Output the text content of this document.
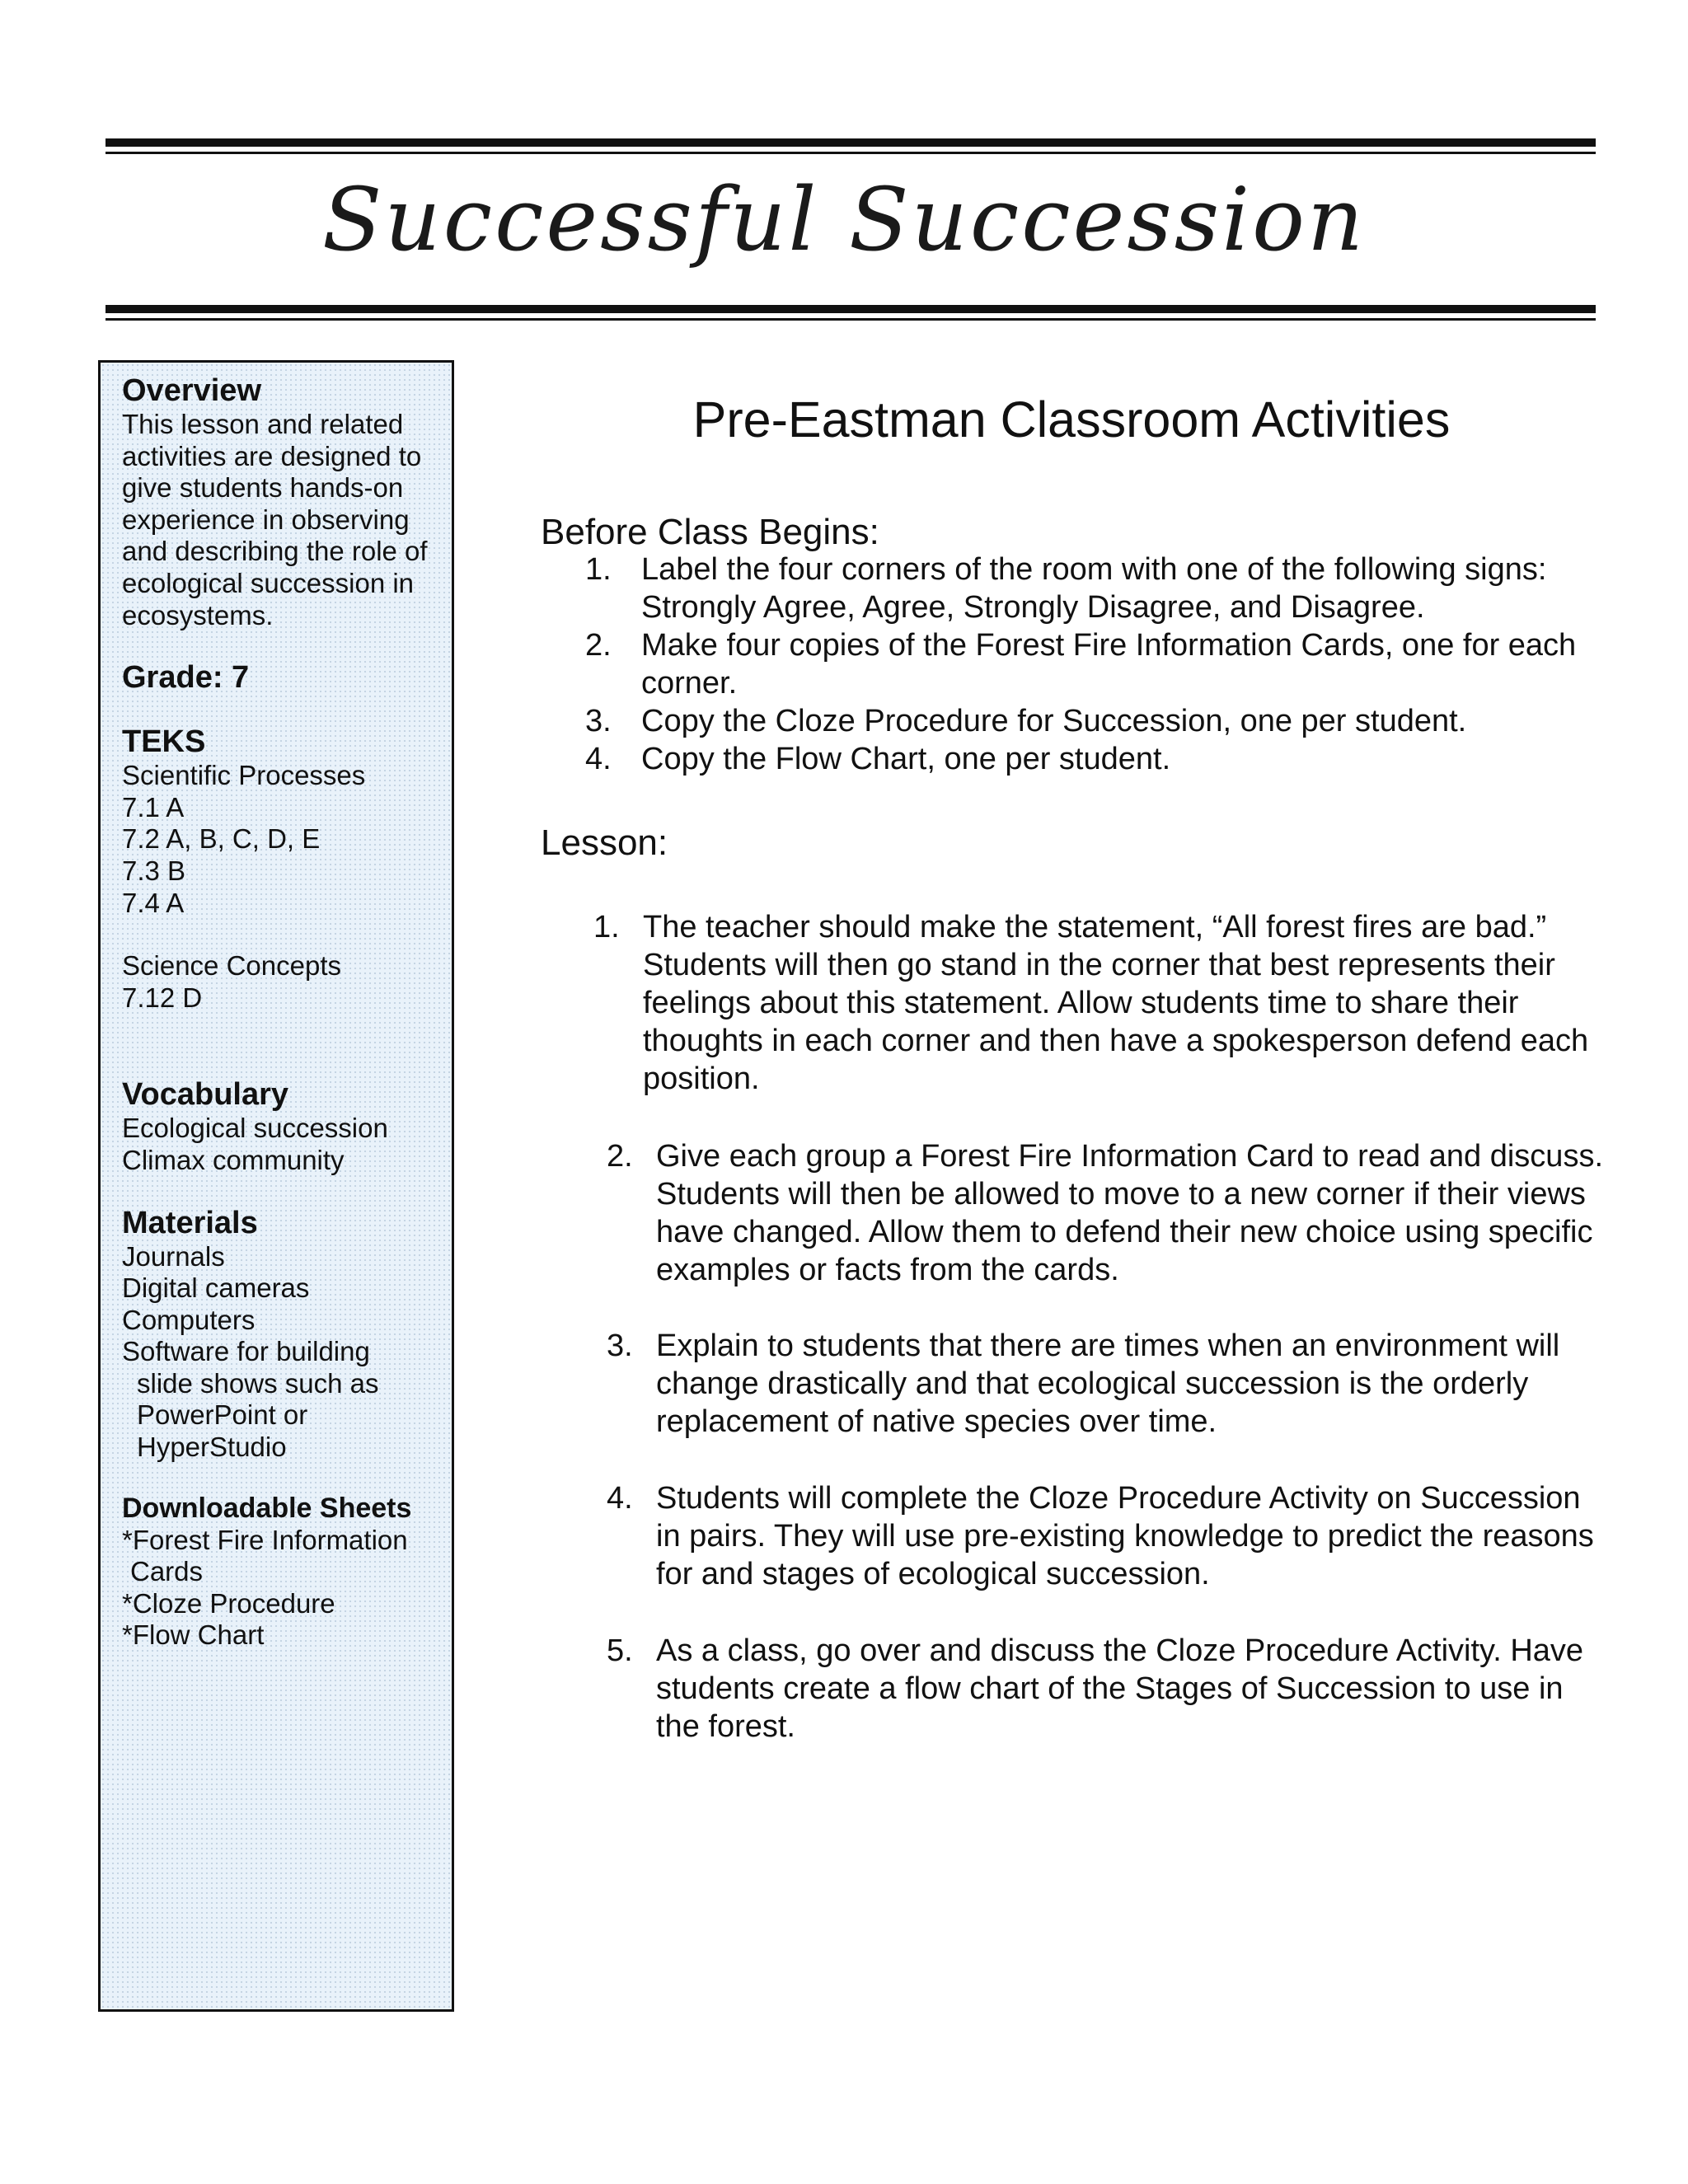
Successful Succession

Overview

This lesson and related activities are designed to give students hands-on experience in observing and describing the role of ecological succession in ecosystems.

Grade: 7

TEKS

Scientific Processes

7.1 A

7.2 A, B, C, D, E

7.3 B

7.4 A

Science Concepts

7.12 D

Vocabulary

Ecological succession

Climax community

Materials

Journals

Digital cameras

Computers

Software for building

slide shows such as

PowerPoint or

HyperStudio

Downloadable Sheets

*Forest Fire Information

Cards

*Cloze Procedure

*Flow Chart

Pre-Eastman Classroom Activities
Before Class Begins:
1. Label the four corners of the room with one of the following signs: Strongly Agree, Agree, Strongly Disagree, and Disagree.
2. Make four copies of the Forest Fire Information Cards, one for each corner.
3. Copy the Cloze Procedure for Succession, one per student.
4. Copy the Flow Chart, one per student.
Lesson:
1. The teacher should make the statement, “All forest fires are bad.” Students will then go stand in the corner that best represents their feelings about this statement. Allow students time to share their thoughts in each corner and then have a spokesperson defend each position.
2. Give each group a Forest Fire Information Card to read and discuss. Students will then be allowed to move to a new corner if their views have changed. Allow them to defend their new choice using specific examples or facts from the cards.
3. Explain to students that there are times when an environment will change drastically and that ecological succession is the orderly replacement of native species over time.
4. Students will complete the Cloze Procedure Activity on Succession in pairs. They will use pre-existing knowledge to predict the reasons for and stages of ecological succession.
5. As a class, go over and discuss the Cloze Procedure Activity. Have students create a flow chart of the Stages of Succession to use in the forest.
